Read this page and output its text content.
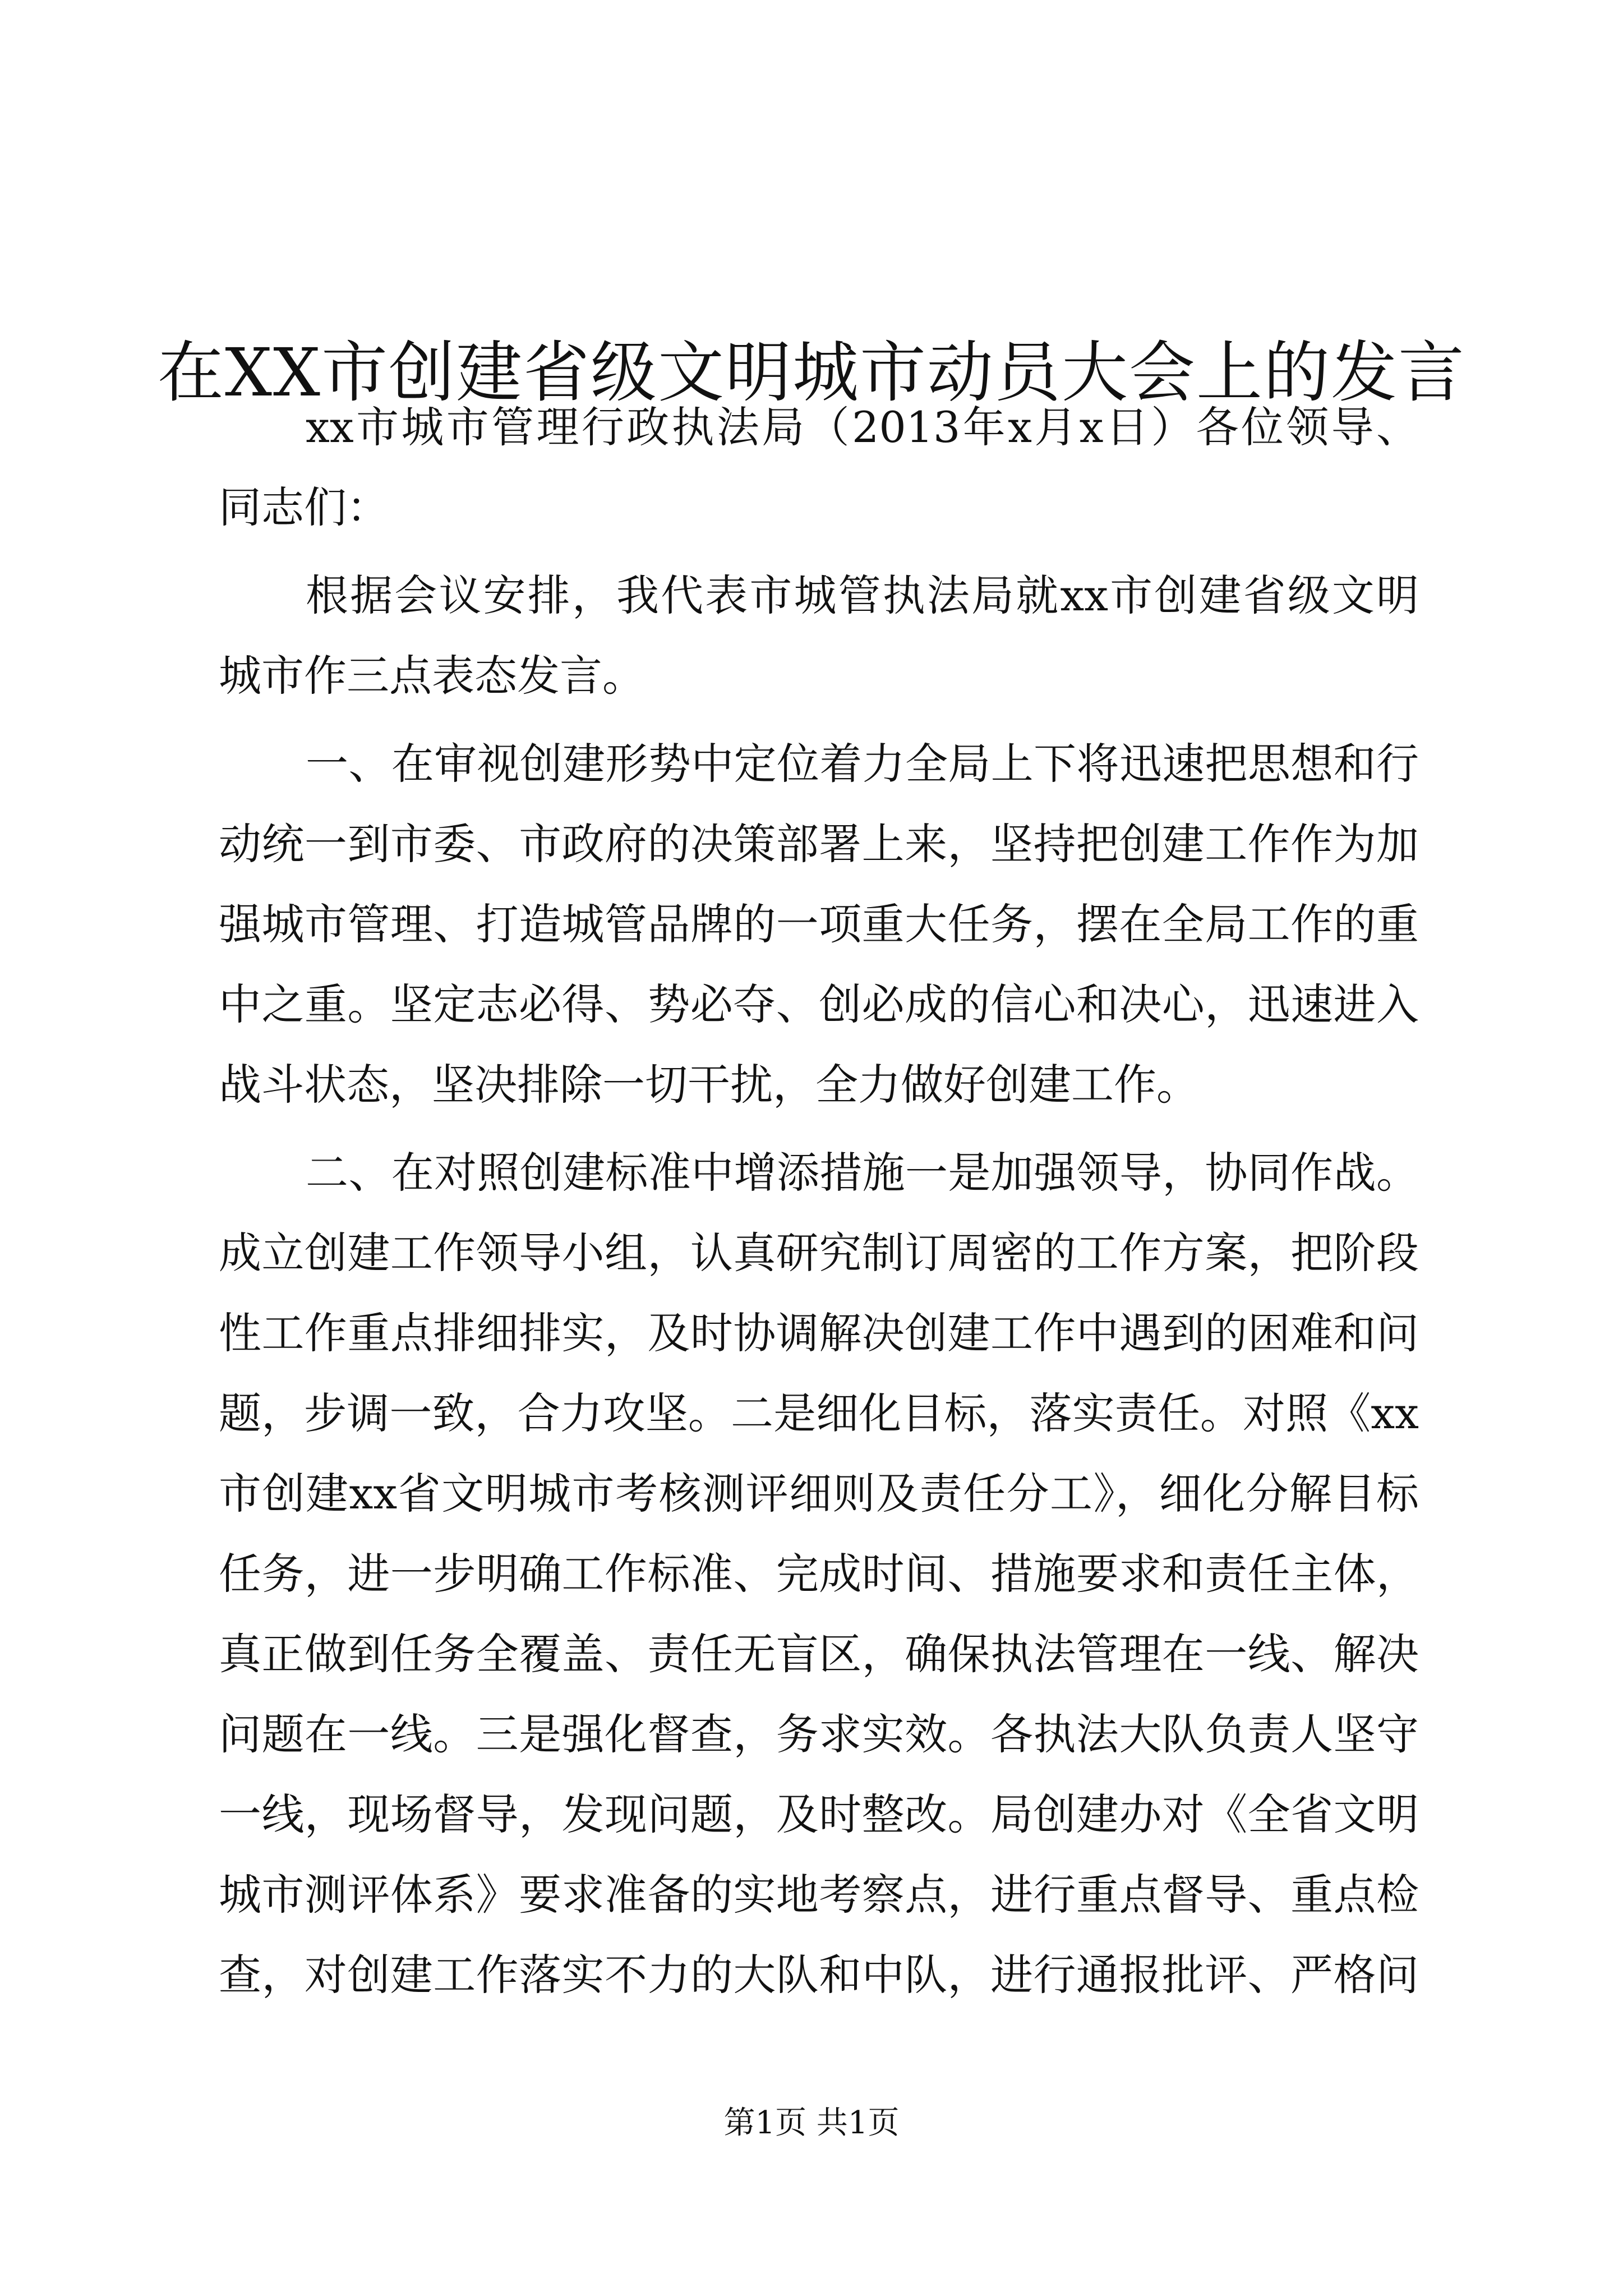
在XX市创建省级文明城市动员大会上的发言
xx市城市管理行政执法局（2013年x月x日）各位领导、
同志们：
根据会议安排，我代表市城管执法局就xx市创建省级文明
城市作三点表态发言。
一、在审视创建形势中定位着力全局上下将迅速把思想和行
动统一到市委、市政府的决策部署上来，坚持把创建工作作为加
强城市管理、打造城管品牌的一项重大任务，摆在全局工作的重
中之重。坚定志必得、势必夺、创必成的信心和决心，迅速进入
战斗状态，坚决排除一切干扰，全力做好创建工作。
二、在对照创建标准中增添措施一是加强领导，协同作战。
成立创建工作领导小组，认真研究制订周密的工作方案，把阶段
性工作重点排细排实，及时协调解决创建工作中遇到的困难和问
题，步调一致，合力攻坚。二是细化目标，落实责任。对照《xx
市创建xx省文明城市考核测评细则及责任分工》，细化分解目标
任务，进一步明确工作标准、完成时间、措施要求和责任主体，
真正做到任务全覆盖、责任无盲区，确保执法管理在一线、解决
问题在一线。三是强化督查，务求实效。各执法大队负责人坚守
一线，现场督导，发现问题，及时整改。局创建办对《全省文明
城市测评体系》要求准备的实地考察点，进行重点督导、重点检
查，对创建工作落实不力的大队和中队，进行通报批评、严格问
第1页 共1页
